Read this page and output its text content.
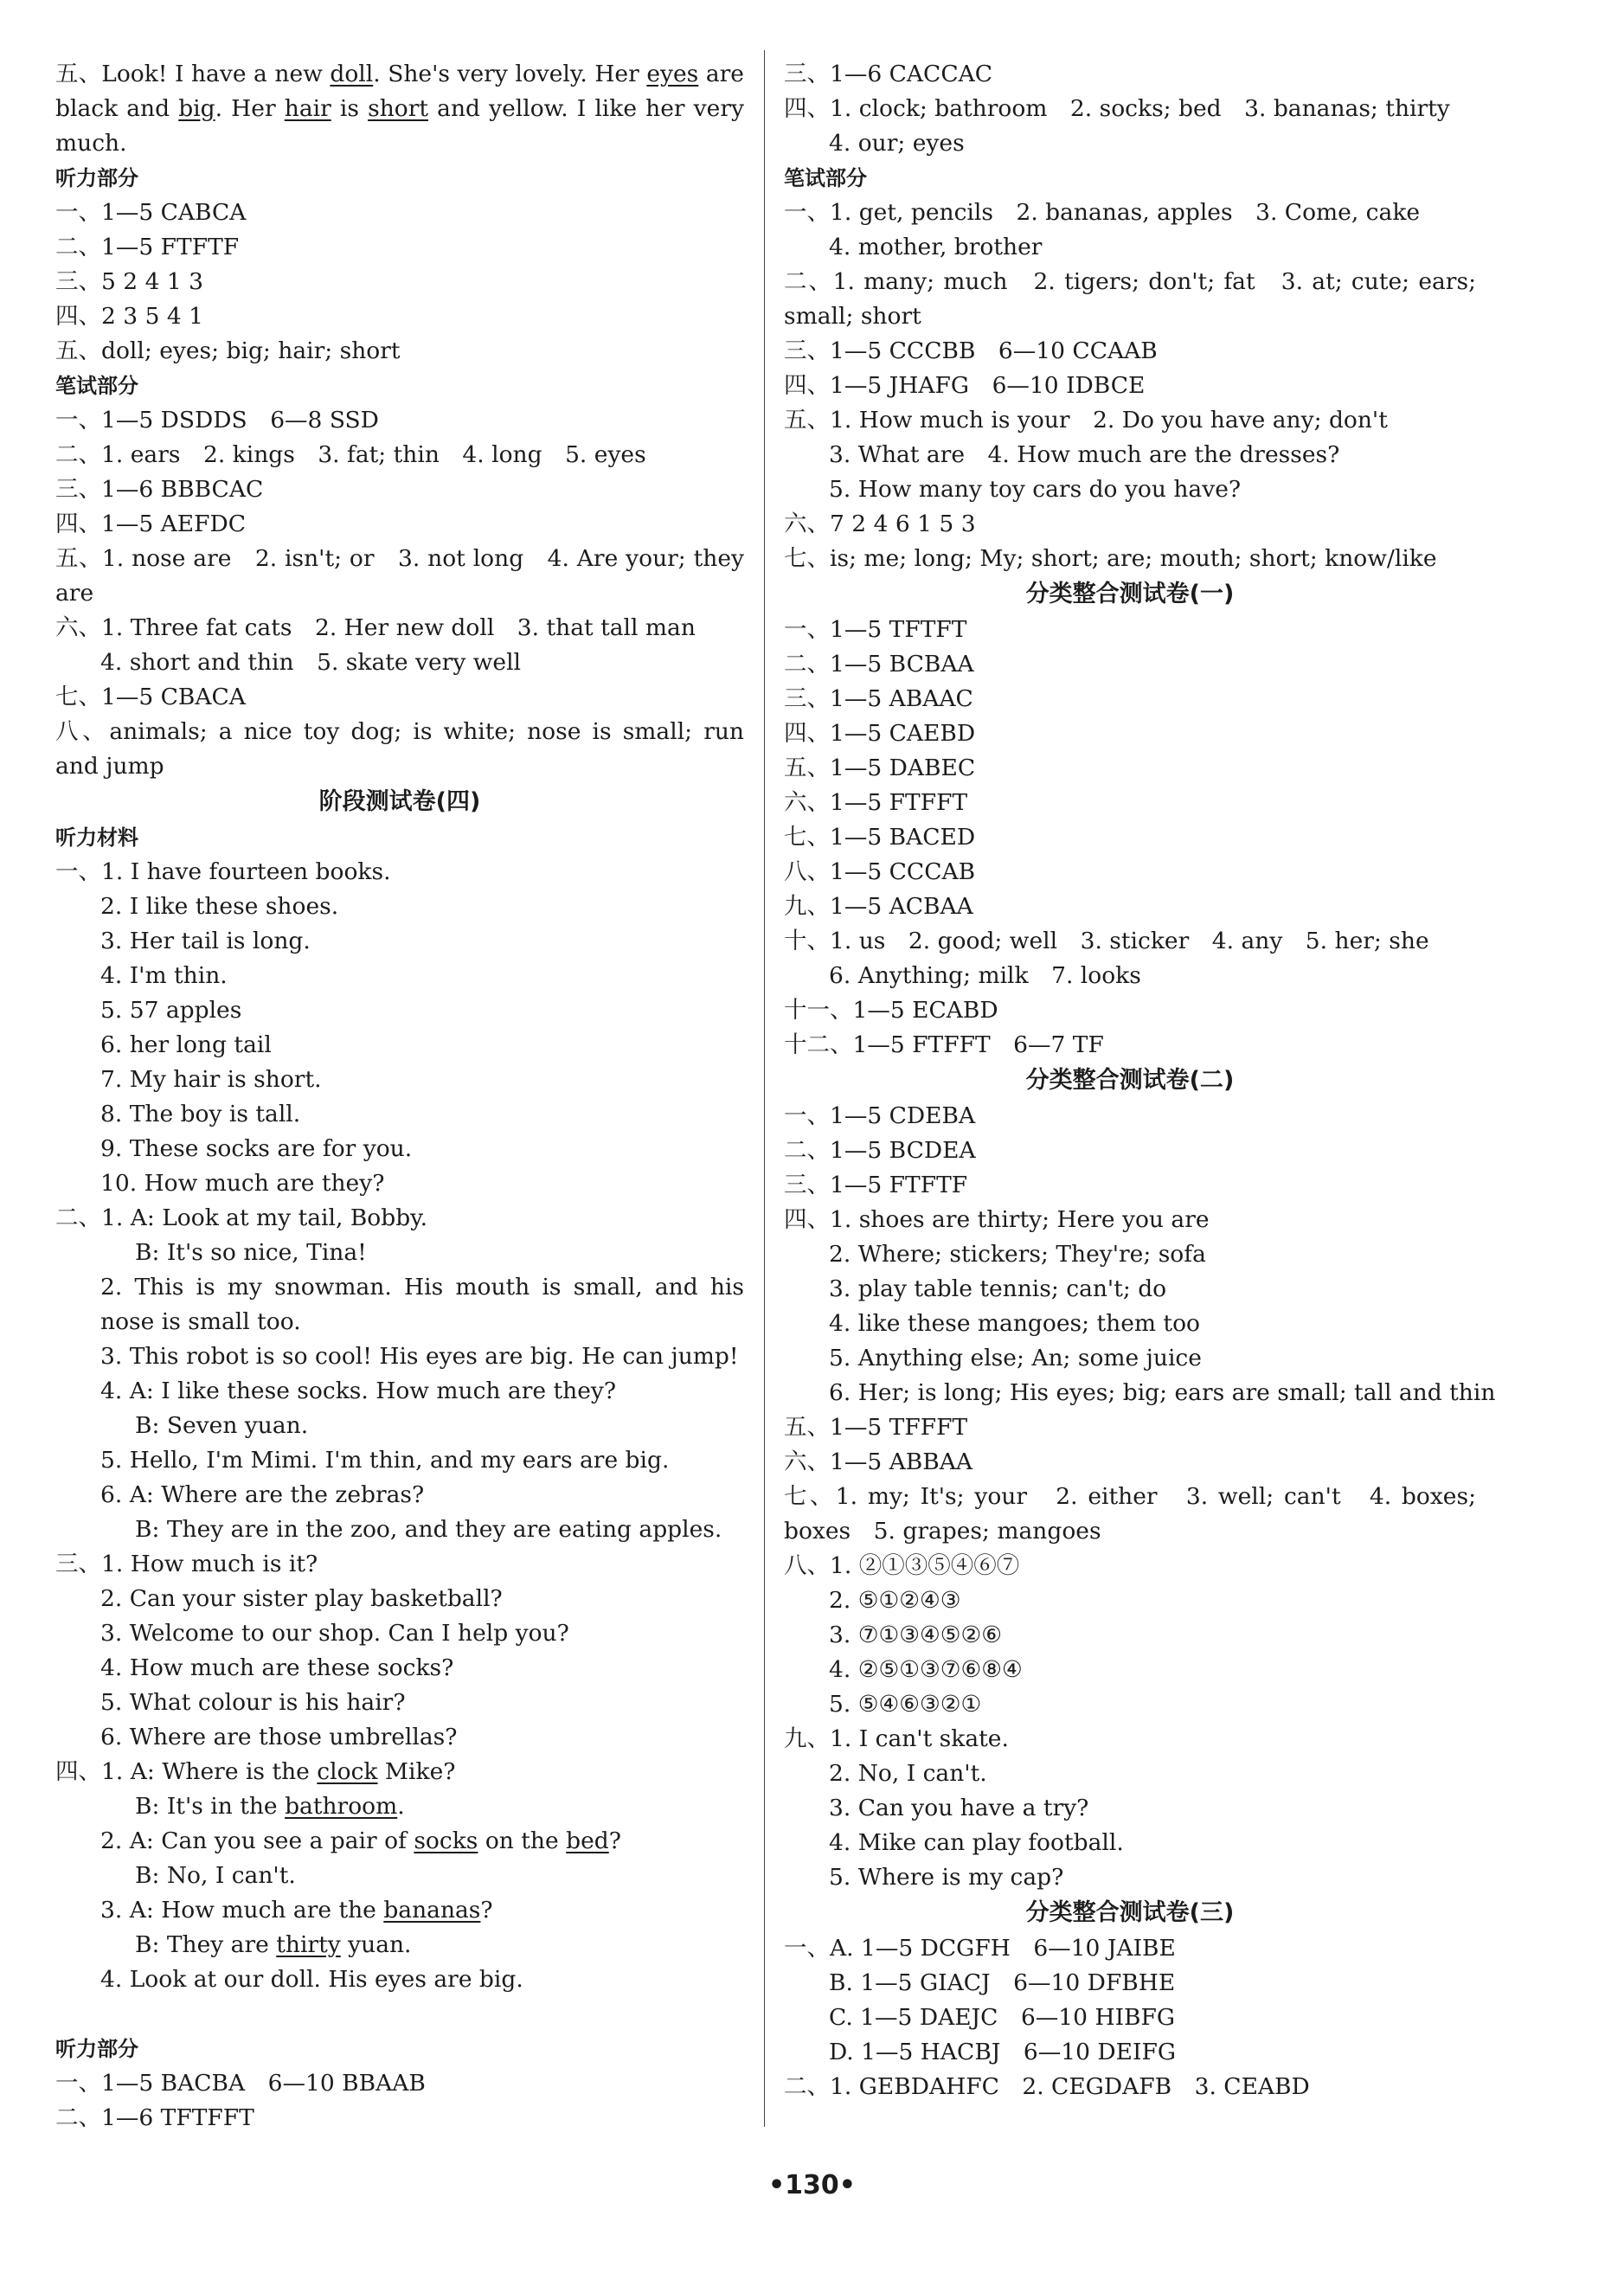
五、Look! I have a new doll. She's very lovely. Her eyes are black and big. Her hair is short and yellow. I like her very much.
听力部分
一、1—5 CABCA
二、1—5 FTFTF
三、5 2 4 1 3
四、2 3 5 4 1
五、doll; eyes; big; hair; short
笔试部分
一、1—5 DSDDS　6—8 SSD
二、1. ears　2. kings　3. fat; thin　4. long　5. eyes
三、1—6 BBBCAC
四、1—5 AEFDC
五、1. nose are　2. isn't; or　3. not long　4. Are your; they are
六、1. Three fat cats　2. Her new doll　3. that tall man
4. short and thin　5. skate very well
七、1—5 CBACA
八、animals; a nice toy dog; is white; nose is small; run and jump
阶段测试卷(四)
听力材料
一、1. I have fourteen books.
2. I like these shoes.
3. Her tail is long.
4. I'm thin.
5. 57 apples
6. her long tail
7. My hair is short.
8. The boy is tall.
9. These socks are for you.
10. How much are they?
二、1. A: Look at my tail, Bobby.
B: It's so nice, Tina!
2. This is my snowman. His mouth is small, and his nose is small too.
3. This robot is so cool! His eyes are big. He can jump!
4. A: I like these socks. How much are they?
B: Seven yuan.
5. Hello, I'm Mimi. I'm thin, and my ears are big.
6. A: Where are the zebras?
B: They are in the zoo, and they are eating apples.
三、1. How much is it?
2. Can your sister play basketball?
3. Welcome to our shop. Can I help you?
4. How much are these socks?
5. What colour is his hair?
6. Where are those umbrellas?
四、1. A: Where is the clock Mike?
B: It's in the bathroom.
2. A: Can you see a pair of socks on the bed?
B: No, I can't.
3. A: How much are the bananas?
B: They are thirty yuan.
4. Look at our doll. His eyes are big.
听力部分
一、1—5 BACBA　6—10 BBAAB
二、1—6 TFTFFT
三、1—6 CACCAC
四、1. clock; bathroom　2. socks; bed　3. bananas; thirty
4. our; eyes
笔试部分
一、1. get, pencils　2. bananas, apples　3. Come, cake
4. mother, brother
二、1. many; much　2. tigers; don't; fat　3. at; cute; ears; small; short
三、1—5 CCCBB　6—10 CCAAB
四、1—5 JHAFG　6—10 IDBCE
五、1. How much is your　2. Do you have any; don't
3. What are　4. How much are the dresses?
5. How many toy cars do you have?
六、7 2 4 6 1 5 3
七、is; me; long; My; short; are; mouth; short; know/like
分类整合测试卷(一)
一、1—5 TFTFT
二、1—5 BCBAA
三、1—5 ABAAC
四、1—5 CAEBD
五、1—5 DABEC
六、1—5 FTFFT
七、1—5 BACED
八、1—5 CCCAB
九、1—5 ACBAA
十、1. us　2. good; well　3. sticker　4. any　5. her; she
6. Anything; milk　7. looks
十一、1—5 ECABD
十二、1—5 FTFFT　6—7 TF
分类整合测试卷(二)
一、1—5 CDEBA
二、1—5 BCDEA
三、1—5 FTFTF
四、1. shoes are thirty; Here you are
2. Where; stickers; They're; sofa
3. play table tennis; can't; do
4. like these mangoes; them too
5. Anything else; An; some juice
6. Her; is long; His eyes; big; ears are small; tall and thin
五、1—5 TFFFT
六、1—5 ABBAA
七、1. my; It's; your　2. either　3. well; can't　4. boxes; boxes　5. grapes; mangoes
八、1. ②①③⑤④⑥⑦
2. ⑤①②④③
3. ⑦①③④⑤②⑥
4. ②⑤①③⑦⑥⑧④
5. ⑤④⑥③②①
九、1. I can't skate.
2. No, I can't.
3. Can you have a try?
4. Mike can play football.
5. Where is my cap?
分类整合测试卷(三)
一、A. 1—5 DCGFH　6—10 JAIBE
B. 1—5 GIACJ　6—10 DFBHE
C. 1—5 DAEJC　6—10 HIBFG
D. 1—5 HACBJ　6—10 DEIFG
二、1. GEBDAHFC　2. CEGDAFB　3. CEABD
•130•
